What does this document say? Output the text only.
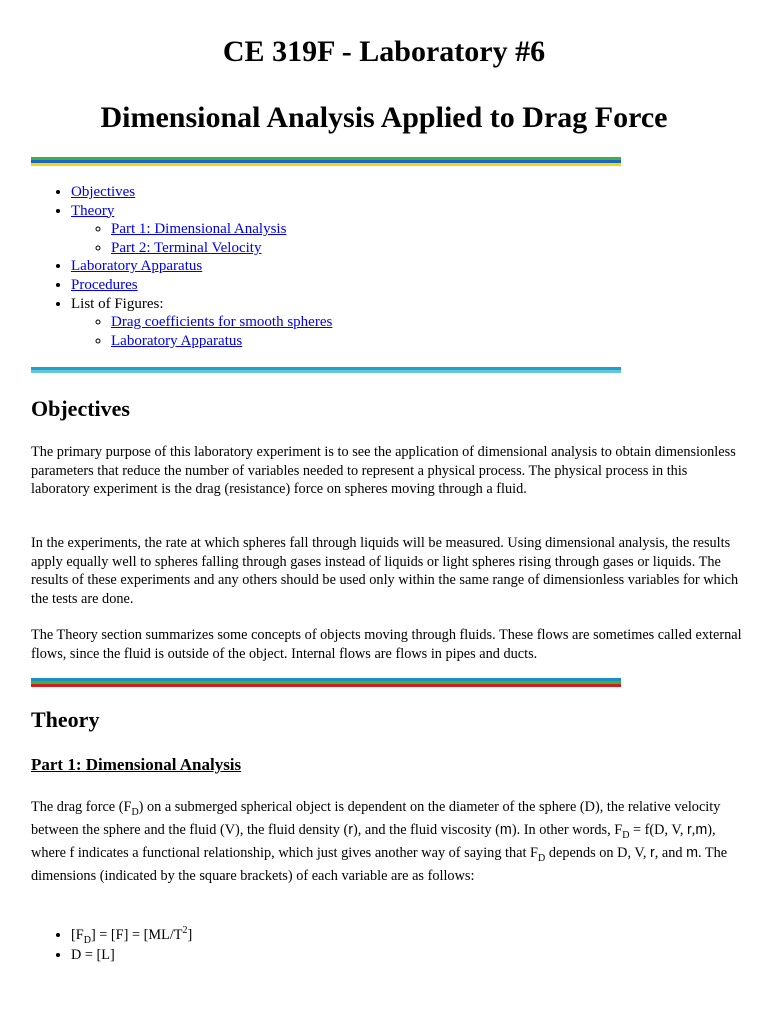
CE 319F - Laboratory #6
Dimensional Analysis Applied to Drag Force
• Objectives
• Theory
◦ Part 1: Dimensional Analysis
◦ Part 2: Terminal Velocity
• Laboratory Apparatus
• Procedures
• List of Figures:
◦ Drag coefficients for smooth spheres
◦ Laboratory Apparatus
Objectives

The primary purpose of this laboratory experiment is to see the application of dimensional analysis to obtain dimensionless parameters that reduce the number of variables needed to represent a physical process. The physical process in this laboratory experiment is the drag (resistance) force on spheres moving through a fluid.

In the experiments, the rate at which spheres fall through liquids will be measured. Using dimensional analysis, the results apply equally well to spheres falling through gases instead of liquids or light spheres rising through gases or liquids. The results of these experiments and any others should be used only within the same range of dimensionless variables for which the tests are done.

The Theory section summarizes some concepts of objects moving through fluids. These flows are sometimes called external flows, since the fluid is outside of the object. Internal flows are flows in pipes and ducts.

Theory
Part 1: Dimensional Analysis

The drag force $(F_D)$ on a submerged spherical object is dependent on the diameter of the sphere (D), the relative velocity between the sphere and the fluid (V), the fluid density (r), and the fluid viscosity (m). In other words, $F_D = f(D$, V, r,m), where f indicates a functional relationship, which just gives another way of saying that $F_D$ depends on D, V, r, and m. The dimensions (indicated by the square brackets) of each variable are as follows:

• $[F_D] = [F] = [ML/T^2]$
• D = [L]
